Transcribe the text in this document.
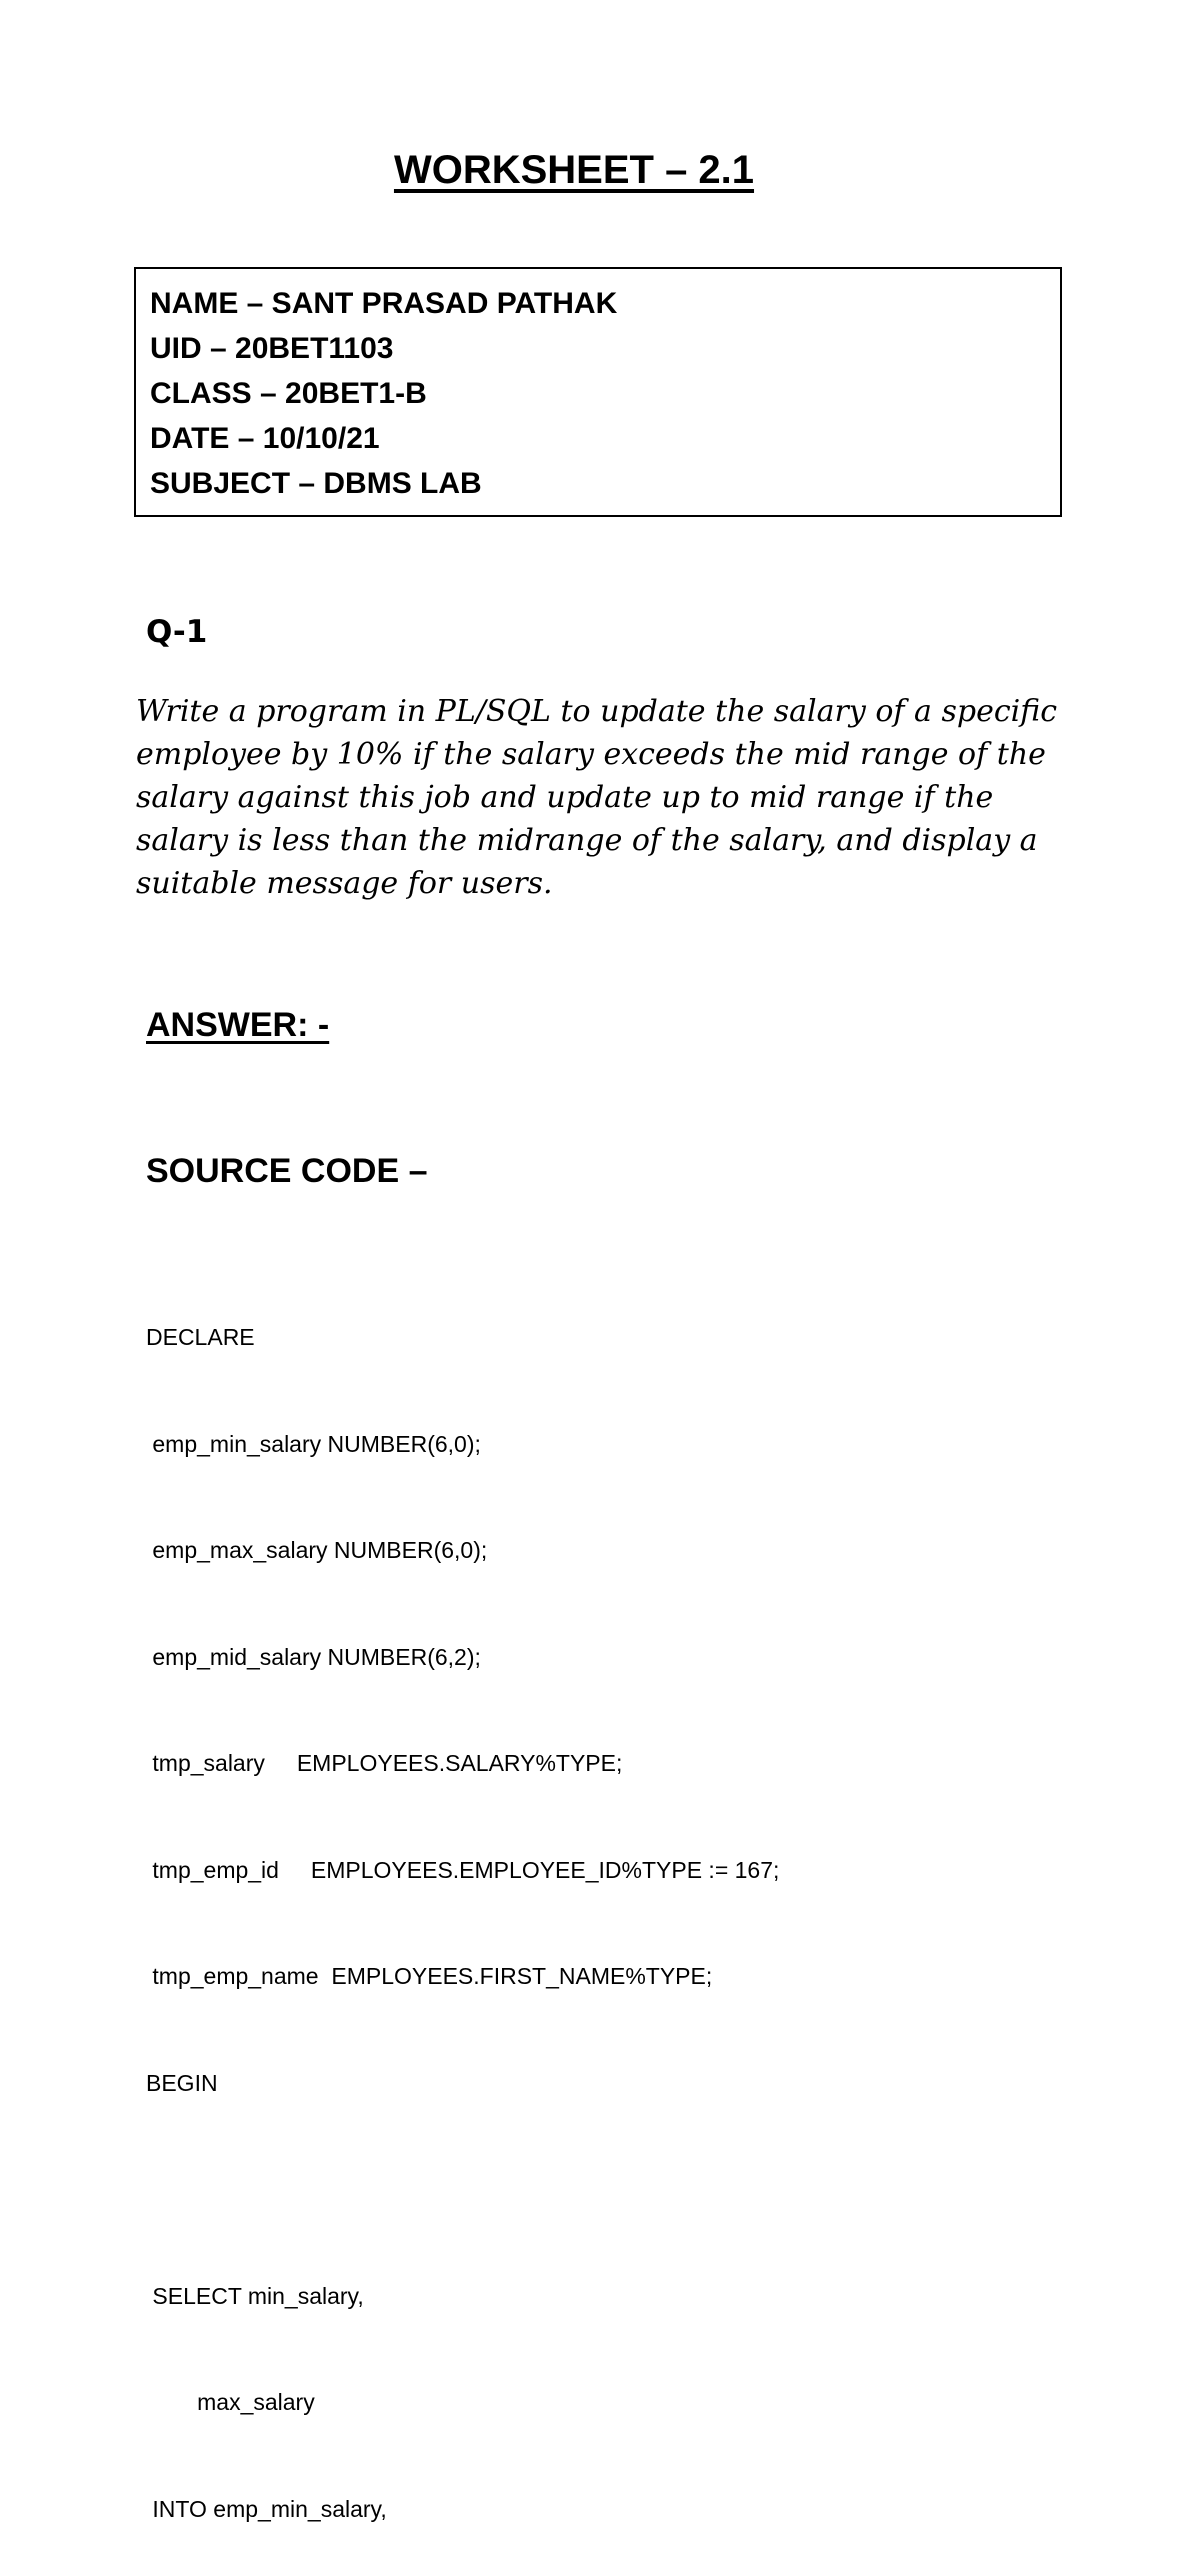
WORKSHEET – 2.1
NAME – SANT PRASAD PATHAK
UID – 20BET1103
CLASS – 20BET1-B
DATE – 10/10/21
SUBJECT – DBMS LAB
Q-1
Write a program in PL/SQL to update the salary of a specific
employee by 10% if the salary exceeds the mid range of the
salary against this job and update up to mid range if the
salary is less than the midrange of the salary, and display a
suitable message for users.
ANSWER: -
SOURCE CODE –

DECLARE

emp_min_salary NUMBER(6,0);

emp_max_salary NUMBER(6,0);

emp_mid_salary NUMBER(6,2);

tmp_salary     EMPLOYEES.SALARY%TYPE;

tmp_emp_id     EMPLOYEES.EMPLOYEE_ID%TYPE := 167;

tmp_emp_name  EMPLOYEES.FIRST_NAME%TYPE;

BEGIN

SELECT min_salary,

max_salary

INTO emp_min_salary,
